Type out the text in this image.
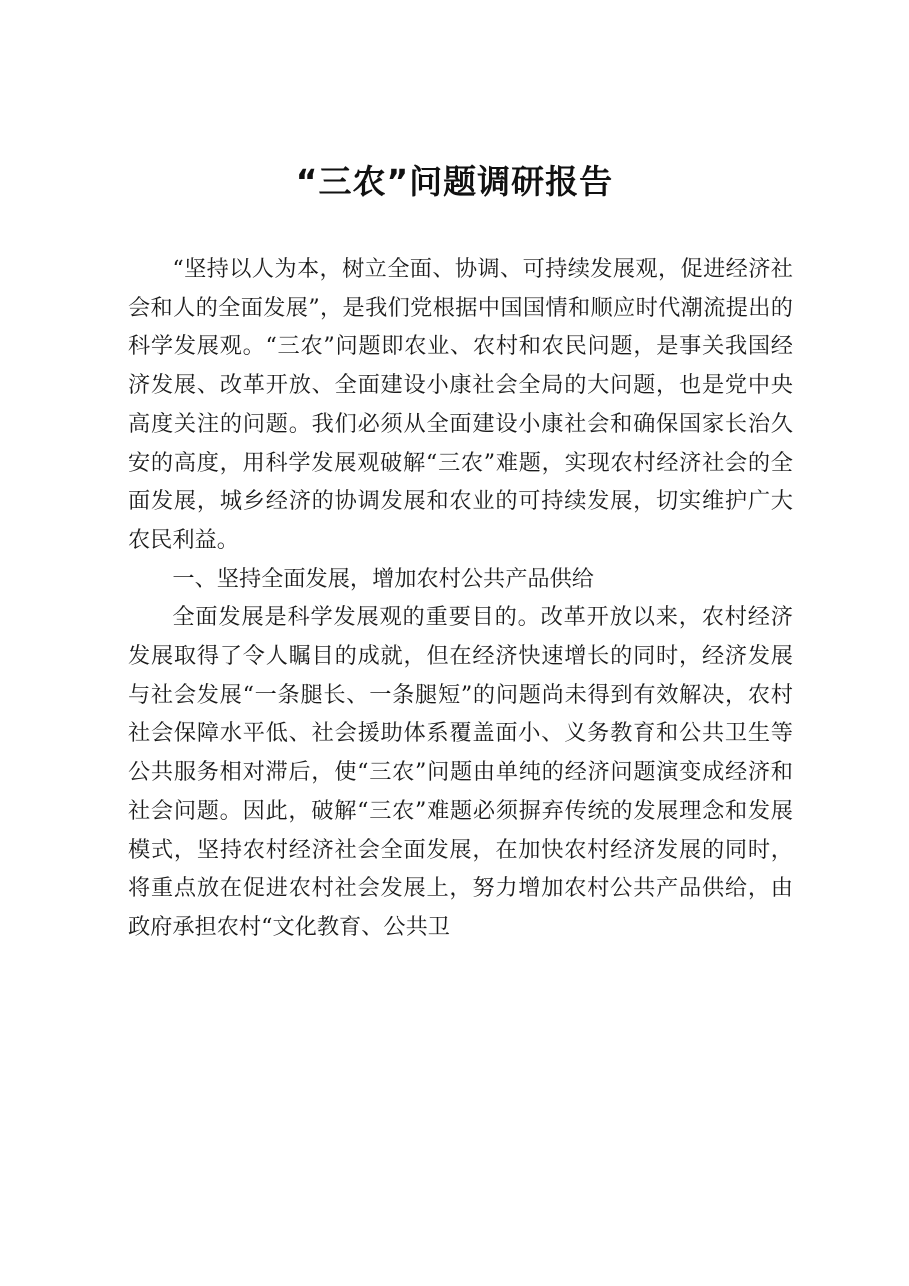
“三农”问题调研报告

“坚持以人为本，树立全面、协调、可持续发展观，促进经济社会和人的全面发展”，是我们党根据中国国情和顺应时代潮流提出的科学发展观。“三农”问题即农业、农村和农民问题，是事关我国经济发展、改革开放、全面建设小康社会全局的大问题，也是党中央高度关注的问题。我们必须从全面建设小康社会和确保国家长治久安的高度，用科学发展观破解“三农”难题，实现农村经济社会的全面发展，城乡经济的协调发展和农业的可持续发展，切实维护广大农民利益。

一、坚持全面发展，增加农村公共产品供给

全面发展是科学发展观的重要目的。改革开放以来，农村经济发展取得了令人瞩目的成就，但在经济快速增长的同时，经济发展与社会发展“一条腿长、一条腿短”的问题尚未得到有效解决，农村社会保障水平低、社会援助体系覆盖面小、义务教育和公共卫生等公共服务相对滞后，使“三农”问题由单纯的经济问题演变成经济和社会问题。因此，破解“三农”难题必须摒弃传统的发展理念和发展模式，坚持农村经济社会全面发展，在加快农村经济发展的同时，将重点放在促进农村社会发展上，努力增加农村公共产品供给，由政府承担农村“文化教育、公共卫
